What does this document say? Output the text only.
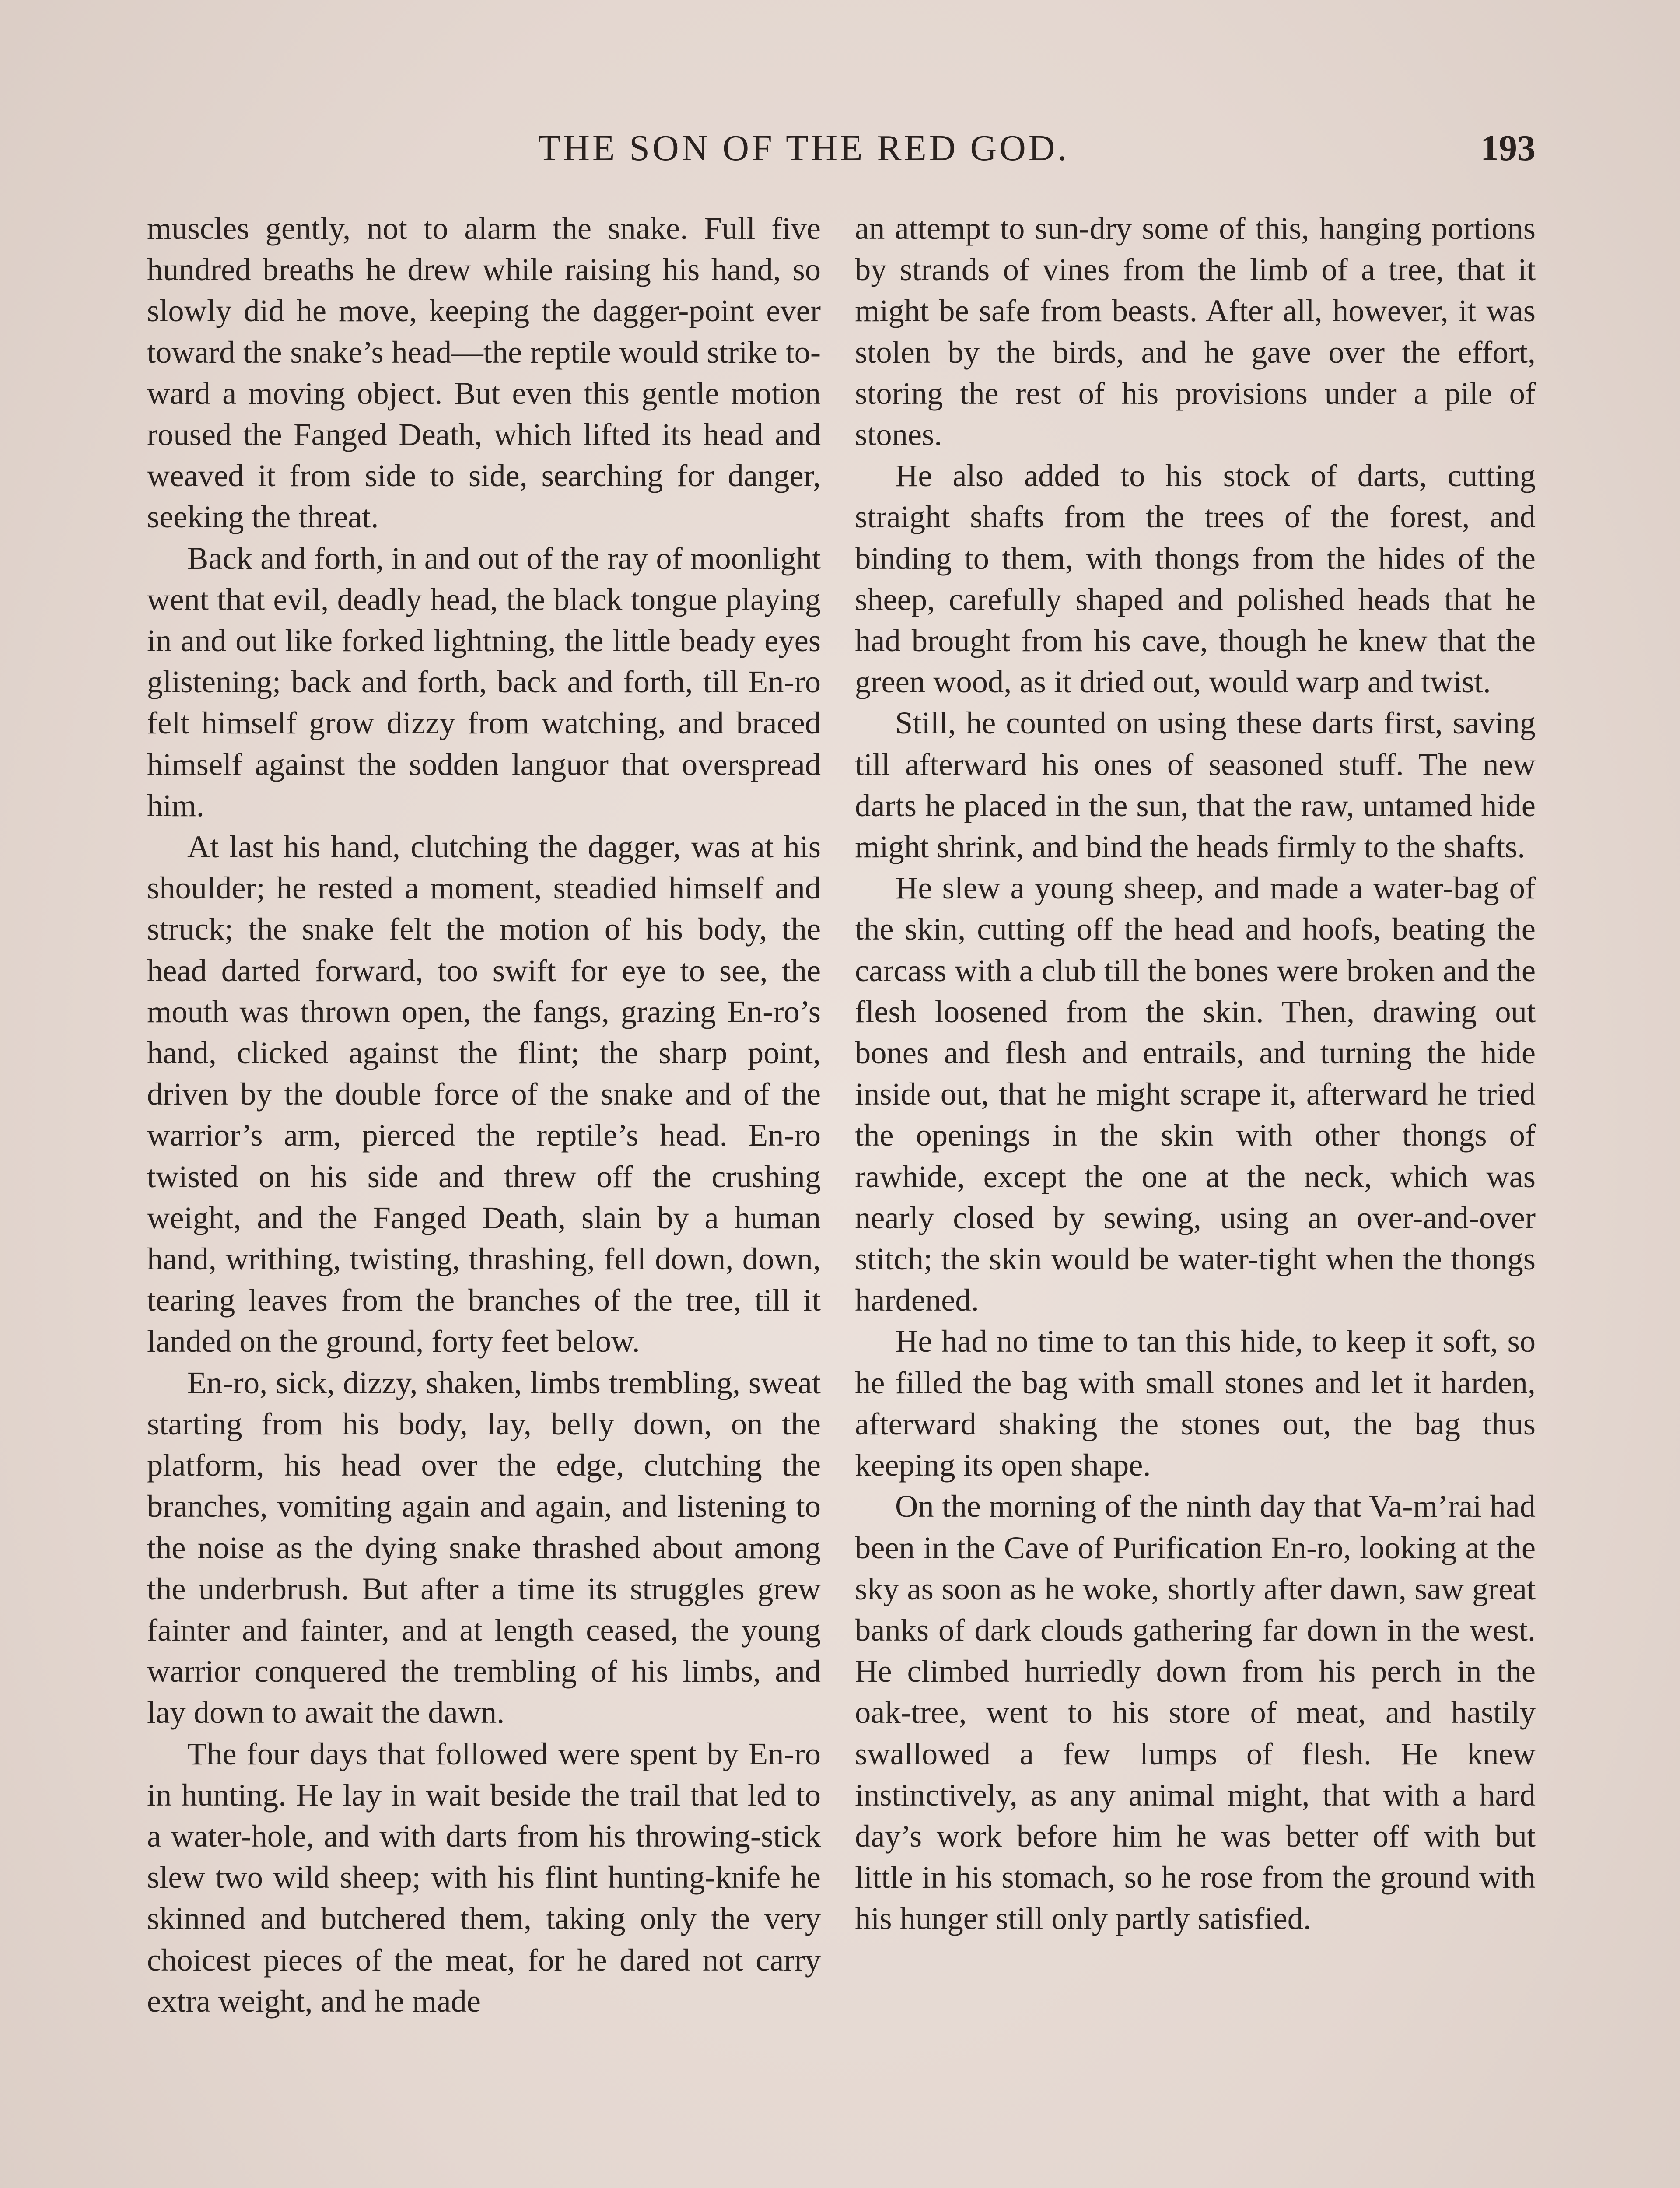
THE SON OF THE RED GOD.	193

muscles gently, not to alarm the snake. Full five hundred breaths he drew while raising his hand, so slowly did he move, keeping the dagger-point ever toward the snake’s head—the reptile would strike toward a moving object. But even this gentle motion roused the Fanged Death, which lifted its head and weaved it from side to side, searching for danger, seeking the threat.

Back and forth, in and out of the ray of moonlight went that evil, deadly head, the black tongue playing in and out like forked lightning, the little beady eyes glistening; back and forth, back and forth, till En-ro felt himself grow dizzy from watching, and braced himself against the sodden languor that overspread him.

At last his hand, clutching the dagger, was at his shoulder; he rested a moment, steadied himself and struck; the snake felt the motion of his body, the head darted forward, too swift for eye to see, the mouth was thrown open, the fangs, grazing En-ro’s hand, clicked against the flint; the sharp point, driven by the double force of the snake and of the warrior’s arm, pierced the reptile’s head. En-ro twisted on his side and threw off the crushing weight, and the Fanged Death, slain by a human hand, writhing, twisting, thrashing, fell down, down, tearing leaves from the branches of the tree, till it landed on the ground, forty feet below.

En-ro, sick, dizzy, shaken, limbs trembling, sweat starting from his body, lay, belly down, on the platform, his head over the edge, clutching the branches, vomiting again and again, and listening to the noise as the dying snake thrashed about among the underbrush. But after a time its struggles grew fainter and fainter, and at length ceased, the young warrior conquered the trembling of his limbs, and lay down to await the dawn.

The four days that followed were spent by En-ro in hunting. He lay in wait beside the trail that led to a water-hole, and with darts from his throwing-stick slew two wild sheep; with his flint hunting-knife he skinned and butchered them, taking only the very choicest pieces of the meat, for he dared not carry extra weight, and he made

an attempt to sun-dry some of this, hanging portions by strands of vines from the limb of a tree, that it might be safe from beasts. After all, however, it was stolen by the birds, and he gave over the effort, storing the rest of his provisions under a pile of stones.

He also added to his stock of darts, cutting straight shafts from the trees of the forest, and binding to them, with thongs from the hides of the sheep, carefully shaped and polished heads that he had brought from his cave, though he knew that the green wood, as it dried out, would warp and twist.

Still, he counted on using these darts first, saving till afterward his ones of seasoned stuff. The new darts he placed in the sun, that the raw, untamed hide might shrink, and bind the heads firmly to the shafts.

He slew a young sheep, and made a water-bag of the skin, cutting off the head and hoofs, beating the carcass with a club till the bones were broken and the flesh loosened from the skin. Then, drawing out bones and flesh and entrails, and turning the hide inside out, that he might scrape it, afterward he tried the openings in the skin with other thongs of rawhide, except the one at the neck, which was nearly closed by sewing, using an over-and-over stitch; the skin would be water-tight when the thongs hardened.

He had no time to tan this hide, to keep it soft, so he filled the bag with small stones and let it harden, afterward shaking the stones out, the bag thus keeping its open shape.

On the morning of the ninth day that Va-m’rai had been in the Cave of Purification En-ro, looking at the sky as soon as he woke, shortly after dawn, saw great banks of dark clouds gathering far down in the west. He climbed hurriedly down from his perch in the oak-tree, went to his store of meat, and hastily swallowed a few lumps of flesh. He knew instinctively, as any animal might, that with a hard day’s work before him he was better off with but little in his stomach, so he rose from the ground with his hunger still only partly satisfied.
